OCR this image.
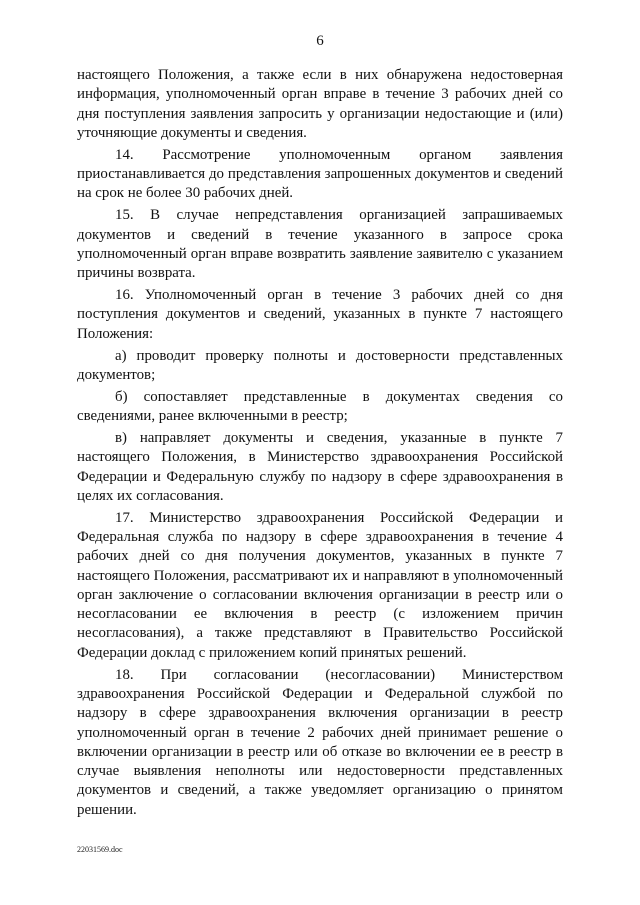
6

настоящего Положения, а также если в них обнаружена недостоверная информация, уполномоченный орган вправе в течение 3 рабочих дней со дня поступления заявления запросить у организации недостающие и (или) уточняющие документы и сведения.

14. Рассмотрение уполномоченным органом заявления приостанавливается до представления запрошенных документов и сведений на срок не более 30 рабочих дней.

15. В случае непредставления организацией запрашиваемых документов и сведений в течение указанного в запросе срока уполномоченный орган вправе возвратить заявление заявителю с указанием причины возврата.

16. Уполномоченный орган в течение 3 рабочих дней со дня поступления документов и сведений, указанных в пункте 7 настоящего Положения:

а) проводит проверку полноты и достоверности представленных документов;

б) сопоставляет представленные в документах сведения со сведениями, ранее включенными в реестр;

в) направляет документы и сведения, указанные в пункте 7 настоящего Положения, в Министерство здравоохранения Российской Федерации и Федеральную службу по надзору в сфере здравоохранения в целях их согласования.

17. Министерство здравоохранения Российской Федерации и Федеральная служба по надзору в сфере здравоохранения в течение 4 рабочих дней со дня получения документов, указанных в пункте 7 настоящего Положения, рассматривают их и направляют в уполномоченный орган заключение о согласовании включения организации в реестр или о несогласовании ее включения в реестр (с изложением причин несогласования), а также представляют в Правительство Российской Федерации доклад с приложением копий принятых решений.

18. При согласовании (несогласовании) Министерством здравоохранения Российской Федерации и Федеральной службой по надзору в сфере здравоохранения включения организации в реестр уполномоченный орган в течение 2 рабочих дней принимает решение о включении организации в реестр или об отказе во включении ее в реестр в случае выявления неполноты или недостоверности представленных документов и сведений, а также уведомляет организацию о принятом решении.

22031569.doc
